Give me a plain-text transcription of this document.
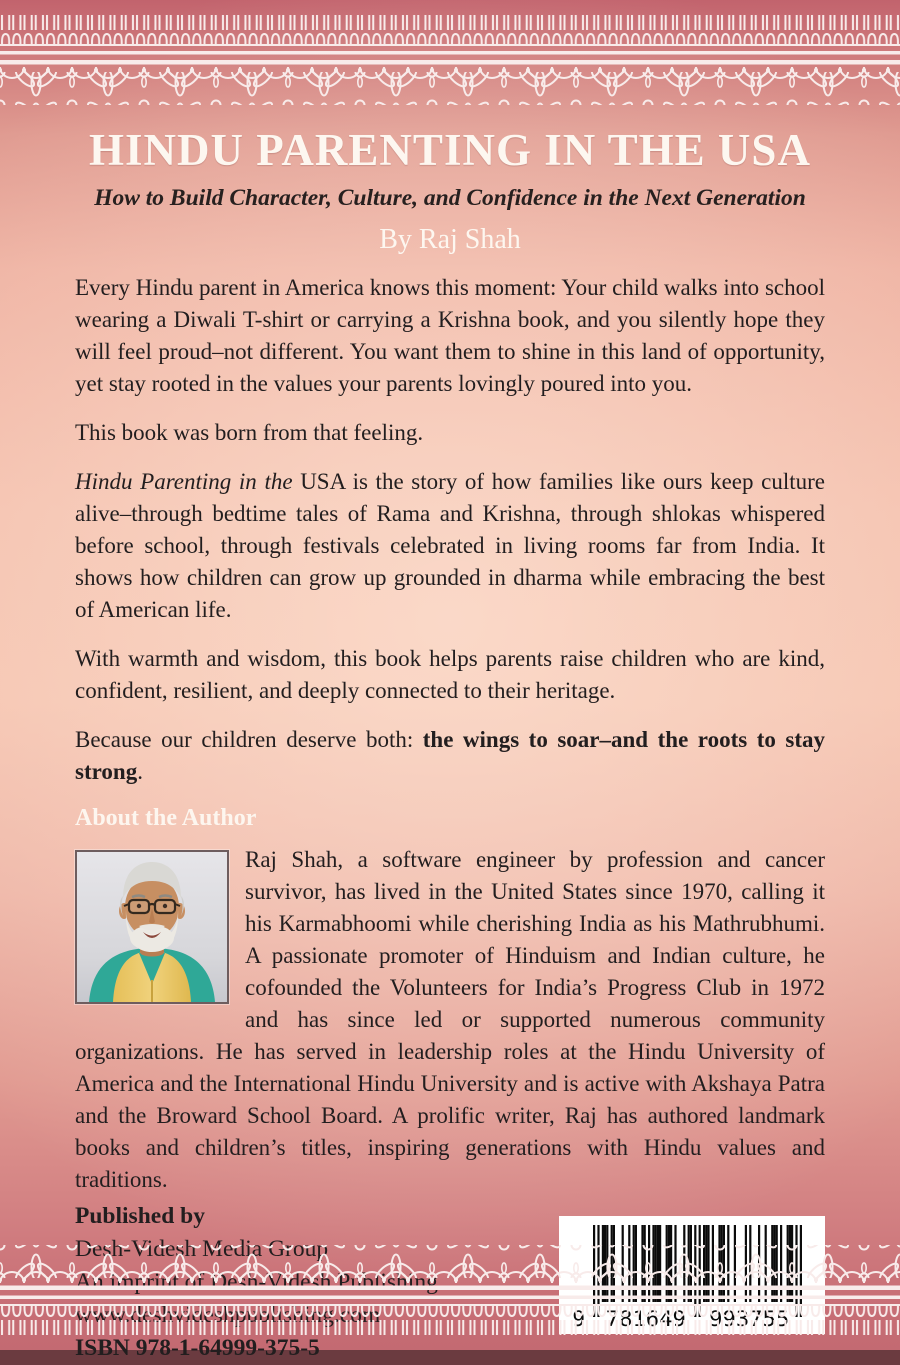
HINDU PARENTING IN THE USA

How to Build Character, Culture, and Confidence in the Next Generation

By Raj Shah

Every Hindu parent in America knows this moment: Your child walks into school wearing a Diwali T-shirt or carrying a Krishna book, and you silently hope they will feel proud–not different. You want them to shine in this land of opportunity, yet stay rooted in the values your parents lovingly poured into you.

This book was born from that feeling.

Hindu Parenting in the USA is the story of how families like ours keep culture alive–through bedtime tales of Rama and Krishna, through shlokas whispered before school, through festivals celebrated in living rooms far from India. It shows how children can grow up grounded in dharma while embracing the best of American life.

With warmth and wisdom, this book helps parents raise children who are kind, confident, resilient, and deeply connected to their heritage.

Because our children deserve both: the wings to soar–and the roots to stay strong.

About the Author

Raj Shah, a software engineer by profession and cancer survivor, has lived in the United States since 1970, calling it his Karmabhoomi while cherishing India as his Mathrubhumi. A passionate promoter of Hinduism and Indian culture, he cofounded the Volunteers for India’s Progress Club in 1972 and has since led or supported numerous community organizations. He has served in leadership roles at the Hindu University of America and the International Hindu University and is active with Akshaya Patra and the Broward School Board. A prolific writer, Raj has authored landmark books and children’s titles, inspiring generations with Hindu values and traditions.

Published by
ISBN 978-1-64999-375-5
